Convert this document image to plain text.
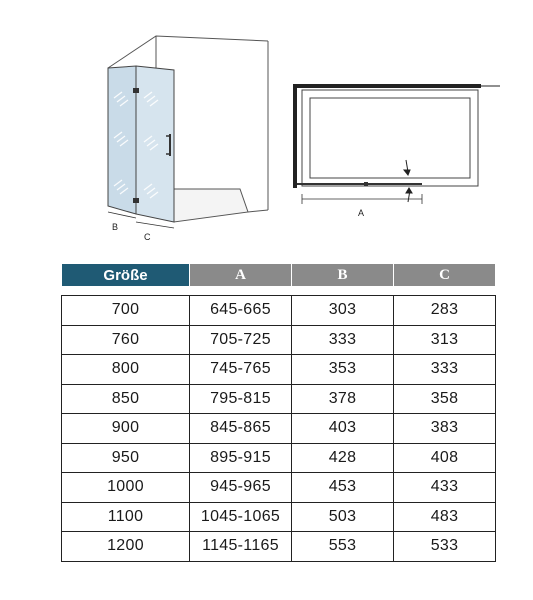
B
C
A
Größe	A	B	C

700	645-665	303	283
760	705-725	333	313
800	745-765	353	333
850	795-815	378	358
900	845-865	403	383
950	895-915	428	408
1000	945-965	453	433
1100	1045-1065	503	483
1200	1145-1165	553	533
